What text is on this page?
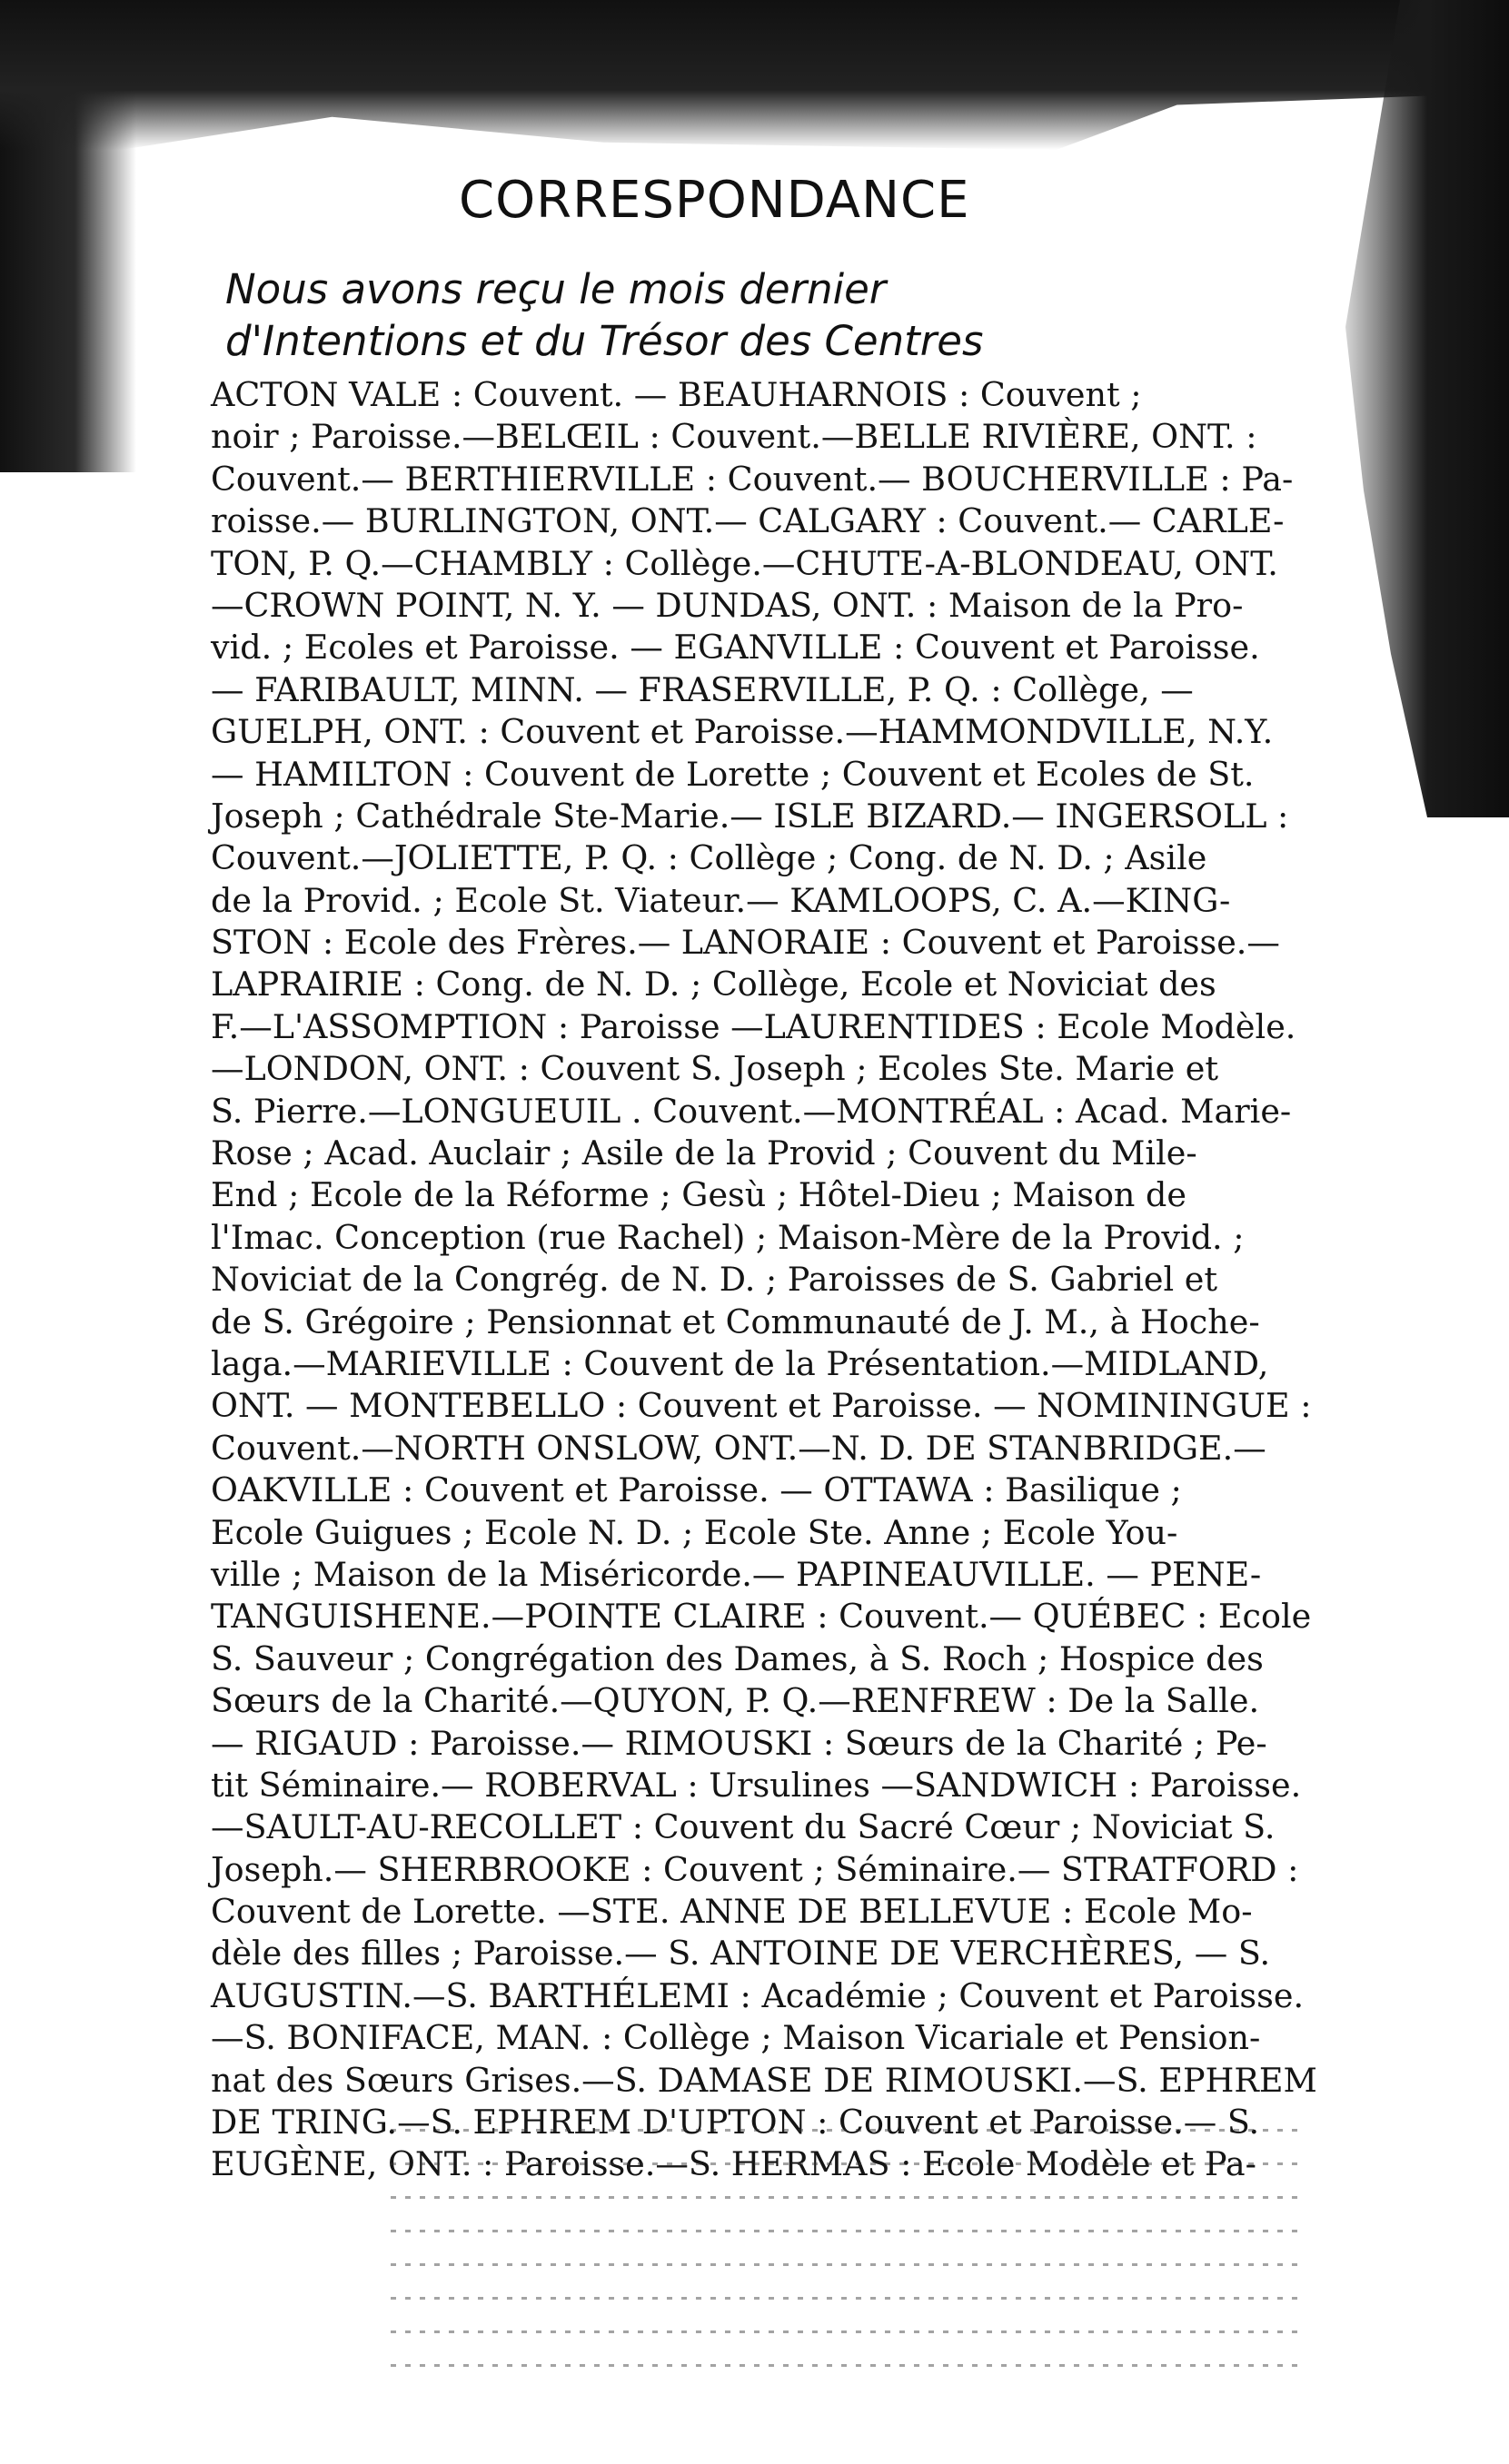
CORRESPONDANCE
Nous avons reçu le mois dernier
d'Intentions et du Trésor des Centres
ACTON VALE : Couvent. — BEAUHARNOIS : Couvent ;
noir ; Paroisse.—BELŒIL : Couvent.—BELLE RIVIÈRE, ONT. :
Couvent.— BERTHIERVILLE : Couvent.— BOUCHERVILLE : Pa-
roisse.— BURLINGTON, ONT.— CALGARY : Couvent.— CARLE-
TON, P. Q.—CHAMBLY : Collège.—CHUTE-A-BLONDEAU, ONT.
—CROWN POINT, N. Y. — DUNDAS, ONT. : Maison de la Pro-
vid. ; Ecoles et Paroisse. — EGANVILLE : Couvent et Paroisse.
— FARIBAULT, MINN. — FRASERVILLE, P. Q. : Collège, —
GUELPH, ONT. : Couvent et Paroisse.—HAMMONDVILLE, N.Y.
— HAMILTON : Couvent de Lorette ; Couvent et Ecoles de St.
Joseph ; Cathédrale Ste-Marie.— ISLE BIZARD.— INGERSOLL :
Couvent.—JOLIETTE, P. Q. : Collège ; Cong. de N. D. ; Asile
de la Provid. ; Ecole St. Viateur.— KAMLOOPS, C. A.—KING-
STON : Ecole des Frères.— LANORAIE : Couvent et Paroisse.—
LAPRAIRIE : Cong. de N. D. ; Collège, Ecole et Noviciat des
F.—L'ASSOMPTION : Paroisse —LAURENTIDES : Ecole Modèle.
—LONDON, ONT. : Couvent S. Joseph ; Ecoles Ste. Marie et
S. Pierre.—LONGUEUIL . Couvent.—MONTRÉAL : Acad. Marie-
Rose ; Acad. Auclair ; Asile de la Provid ; Couvent du Mile-
End ; Ecole de la Réforme ; Gesù ; Hôtel-Dieu ; Maison de
l'Imac. Conception (rue Rachel) ; Maison-Mère de la Provid. ;
Noviciat de la Congrég. de N. D. ; Paroisses de S. Gabriel et
de S. Grégoire ; Pensionnat et Communauté de J. M., à Hoche-
laga.—MARIEVILLE : Couvent de la Présentation.—MIDLAND,
ONT. — MONTEBELLO : Couvent et Paroisse. — NOMININGUE :
Couvent.—NORTH ONSLOW, ONT.—N. D. DE STANBRIDGE.—
OAKVILLE : Couvent et Paroisse. — OTTAWA : Basilique ;
Ecole Guigues ; Ecole N. D. ; Ecole Ste. Anne ; Ecole You-
ville ; Maison de la Miséricorde.— PAPINEAUVILLE. — PENE-
TANGUISHENE.—POINTE CLAIRE : Couvent.— QUÉBEC : Ecole
S. Sauveur ; Congrégation des Dames, à S. Roch ; Hospice des
Sœurs de la Charité.—QUYON, P. Q.—RENFREW : De la Salle.
— RIGAUD : Paroisse.— RIMOUSKI : Sœurs de la Charité ; Pe-
tit Séminaire.— ROBERVAL : Ursulines —SANDWICH : Paroisse.
—SAULT-AU-RECOLLET : Couvent du Sacré Cœur ; Noviciat S.
Joseph.— SHERBROOKE : Couvent ; Séminaire.— STRATFORD :
Couvent de Lorette. —STE. ANNE DE BELLEVUE : Ecole Mo-
dèle des filles ; Paroisse.— S. ANTOINE DE VERCHÈRES, — S.
AUGUSTIN.—S. BARTHÉLEMI : Académie ; Couvent et Paroisse.
—S. BONIFACE, MAN. : Collège ; Maison Vicariale et Pension-
nat des Sœurs Grises.—S. DAMASE DE RIMOUSKI.—S. EPHREM
DE TRING.—S. EPHREM D'UPTON : Couvent et Paroisse.— S.
EUGÈNE, ONT. : Paroisse.—S. HERMAS : Ecole Modèle et Pa-
